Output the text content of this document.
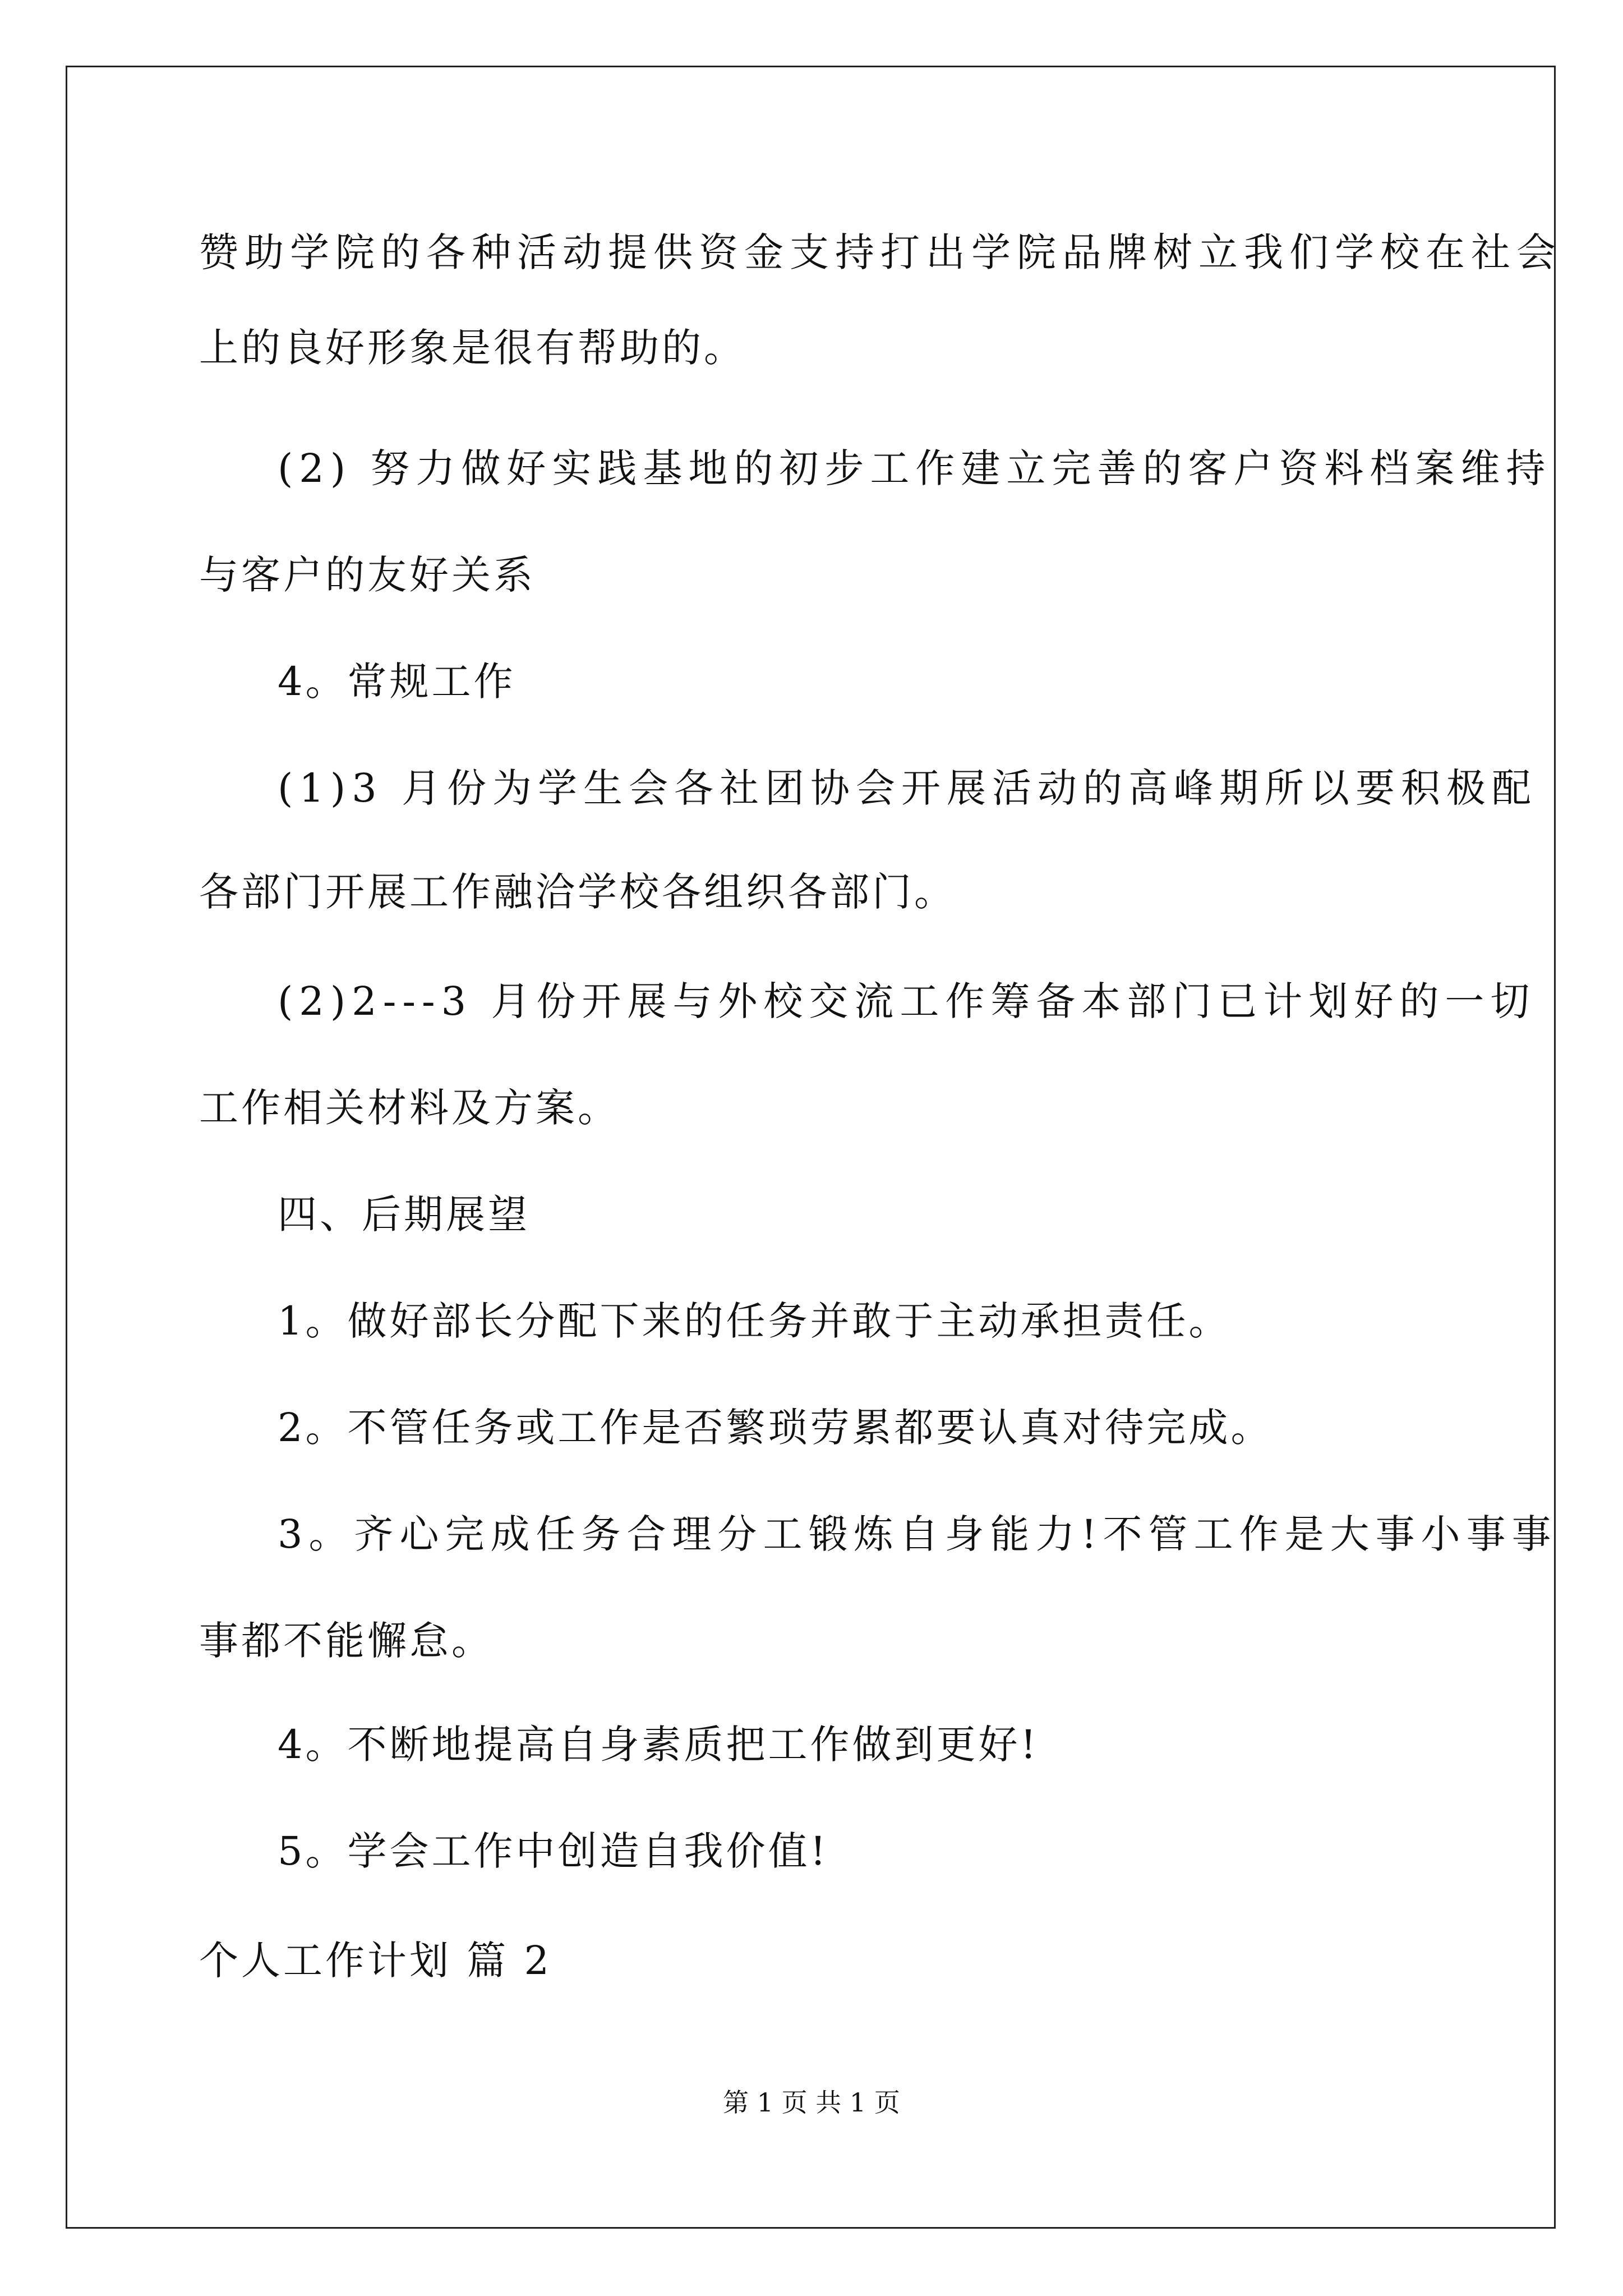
赞助学院的各种活动提供资金支持打出学院品牌树立我们学校在社会
上的良好形象是很有帮助的。
(2) 努力做好实践基地的初步工作建立完善的客户资料档案维持
与客户的友好关系
4。常规工作
(1)3 月份为学生会各社团协会开展活动的高峰期所以要积极配
各部门开展工作融洽学校各组织各部门。
(2)2---3 月份开展与外校交流工作筹备本部门已计划好的一切
工作相关材料及方案。
四、后期展望
1。做好部长分配下来的任务并敢于主动承担责任。
2。不管任务或工作是否繁琐劳累都要认真对待完成。
3。齐心完成任务合理分工锻炼自身能力!不管工作是大事小事事
事都不能懈怠。
4。不断地提高自身素质把工作做到更好!
5。学会工作中创造自我价值!
个人工作计划 篇 2
第 1 页 共 1 页
